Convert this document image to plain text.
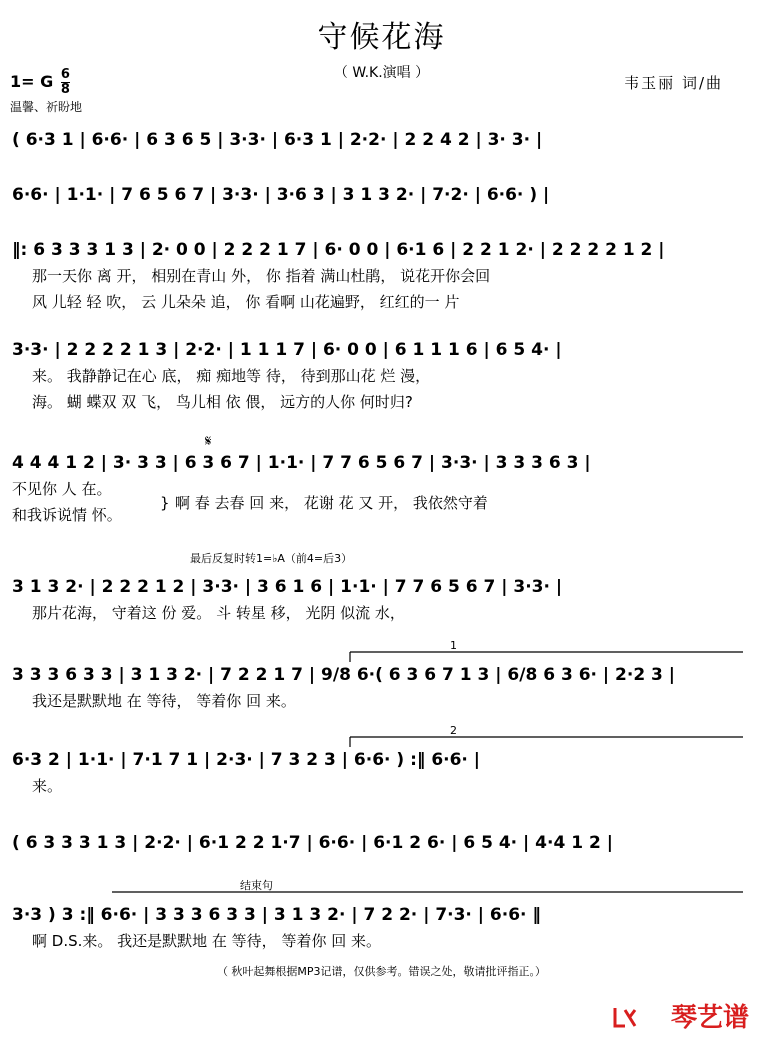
守候花海
（ W.K.演唱 ）
韦玉丽 词/曲
1= G $\frac{6}{8}$
温馨、祈盼地
( 6·3 1 | 6·6· | 6 3 6 5 | 3·3· | 6·3 1 | 2·2· | 2 2 4 2 | 3· 3· |
6·6· | 1·1· | 7 6 5 6 7 | 3·3· | 3·6 3 | 3 1 3 2· | 7·2· | 6·6· ) |
‖: 6 3 3 3 1 3 | 2· 0 0 | 2 2 2 1 7 | 6· 0 0 | 6·1 6 | 2 2 1 2· | 2 2 2 2 1 2 |
那一天你 离 开， 相别在青山 外， 你 指着 满山杜鹃， 说花开你会回
风 儿轻 轻 吹， 云 儿朵朵 追， 你 看啊 山花遍野， 红红的一 片
3·3· | 2 2 2 2 1 3 | 2·2· | 1 1 1 7 | 6· 0 0 | 6 1 1 1 6 | 6 5 4· |
来。 我静静记在心 底， 痴 痴地等 待， 待到那山花 烂 漫，
海。 蝴 蝶双 双 飞， 鸟儿相 依 偎， 远方的人你 何时归?
4 4 4 1 2 | 3· 3 3 | 6 3 6 7 | 1·1· | 7 7 6 5 6 7 | 3·3· | 3 3 3 6 3 |
𝄋
不见你 人 在。
和我诉说情 怀。
啊 春 去春 回 来， 花谢 花 又 开， 我依然守着
}
3 1 3 2· | 2 2 2 1 2 | 3·3· | 3 6 1 6 | 1·1· | 7 7 6 5 6 7 | 3·3· |
最后反复时转1=♭A（前4=后3）
那片花海， 守着这 份 爱。 斗 转星 移， 光阴 似流 水，
3 3 3 6 3 3 | 3 1 3 2· | 7 2 2 1 7 | 9/8 6·( 6 3 6 7 1 3 | 6/8 6 3 6· | 2·2 3 |
1
我还是默默地 在 等待， 等着你 回 来。
6·3 2 | 1·1· | 7·1 7 1 | 2·3· | 7 3 2 3 | 6·6· ) :‖ 6·6· |
2
来。
( 6 3 3 3 1 3 | 2·2· | 6·1 2 2 1·7 | 6·6· | 6·1 2 6· | 6 5 4· | 4·4 1 2 |
3·3 ) 3 :‖ 6·6· | 3 3 3 6 3 3 | 3 1 3 2· | 7 2 2· | 7·3· | 6·6· ‖
结束句
啊 D.S.来。 我还是默默地 在 等待， 等着你 回 来。
（ 秋叶起舞根据MP3记谱，仅供参考。错误之处，敬请批评指正。）
琴艺谱
